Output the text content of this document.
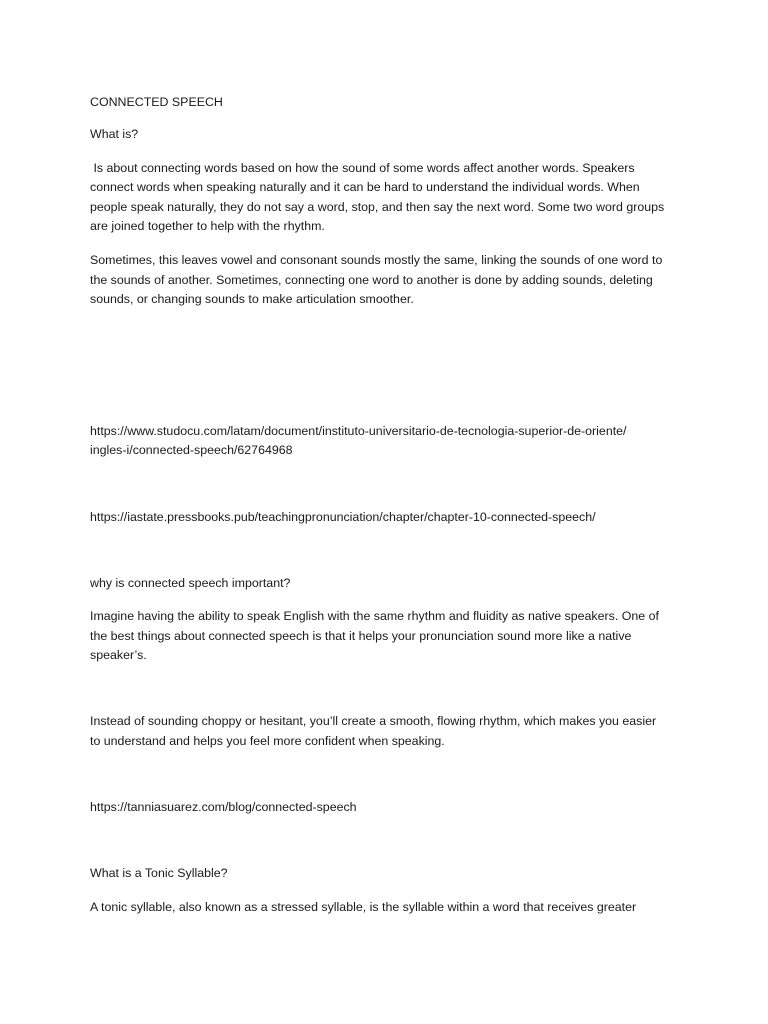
CONNECTED SPEECH

What is?

Is about connecting words based on how the sound of some words affect another words. Speakers

connect words when speaking naturally and it can be hard to understand the individual words. When

people speak naturally, they do not say a word, stop, and then say the next word. Some two word groups

are joined together to help with the rhythm.

Sometimes, this leaves vowel and consonant sounds mostly the same, linking the sounds of one word to

the sounds of another. Sometimes, connecting one word to another is done by adding sounds, deleting

sounds, or changing sounds to make articulation smoother.

https://www.studocu.com/latam/document/instituto-universitario-de-tecnologia-superior-de-oriente/

ingles-i/connected-speech/62764968

https://iastate.pressbooks.pub/teachingpronunciation/chapter/chapter-10-connected-speech/

why is connected speech important?

Imagine having the ability to speak English with the same rhythm and fluidity as native speakers. One of

the best things about connected speech is that it helps your pronunciation sound more like a native

speaker’s.

Instead of sounding choppy or hesitant, you’ll create a smooth, flowing rhythm, which makes you easier

to understand and helps you feel more confident when speaking.

https://tanniasuarez.com/blog/connected-speech

What is a Tonic Syllable?

A tonic syllable, also known as a stressed syllable, is the syllable within a word that receives greater
